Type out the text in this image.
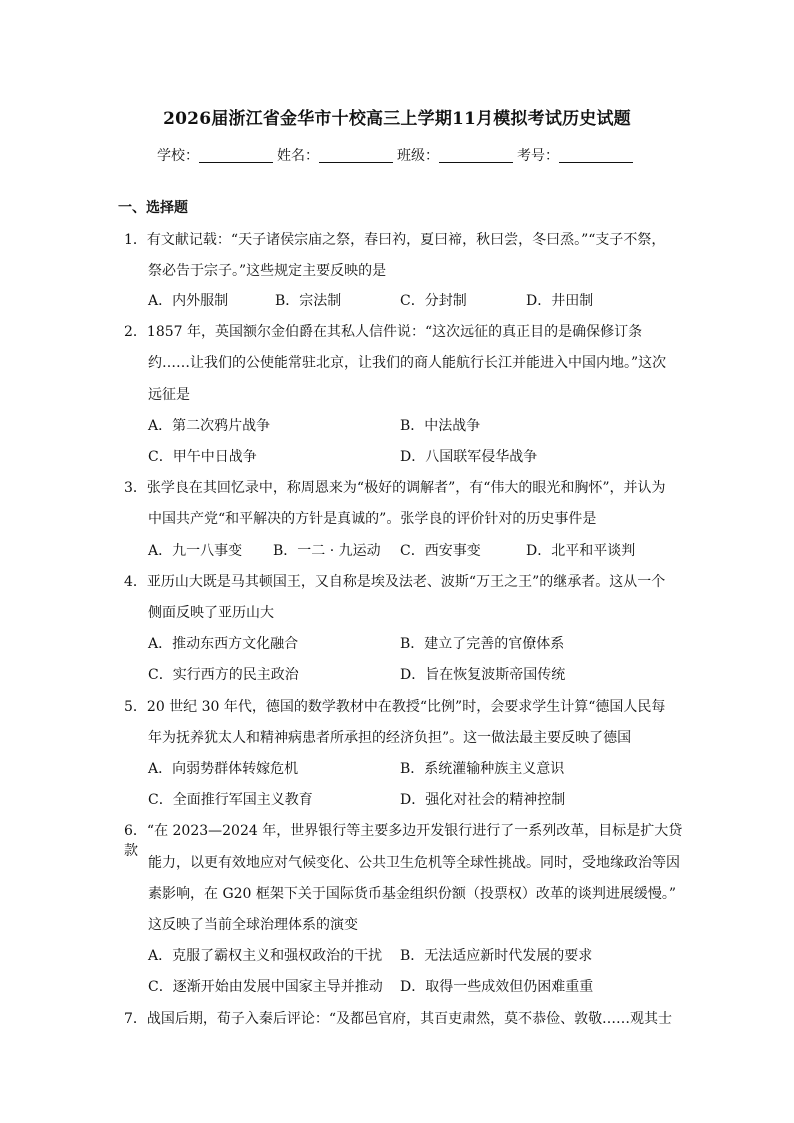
2026届浙江省金华市十校高三上学期11月模拟考试历史试题
学校：	姓名：	班级：	考号：
一、选择题
1．有文献记载：“天子诸侯宗庙之祭，春曰礿，夏曰禘，秋曰尝，冬曰烝。”“支子不祭，
祭必告于宗子。”这些规定主要反映的是
A．内外服制	B．宗法制	C．分封制	D．井田制
2．1857 年，英国额尔金伯爵在其私人信件说：“这次远征的真正目的是确保修订条
约……让我们的公使能常驻北京，让我们的商人能航行长江并能进入中国内地。”这次
远征是
A．第二次鸦片战争	B．中法战争
C．甲午中日战争	D．八国联军侵华战争
3．张学良在其回忆录中，称周恩来为“极好的调解者”，有“伟大的眼光和胸怀”，并认为
中国共产党“和平解决的方针是真诚的”。张学良的评价针对的历史事件是
A．九一八事变 B．一二 · 九运动 C．西安事变	D．北平和平谈判
4．亚历山大既是马其顿国王，又自称是埃及法老、波斯“万王之王”的继承者。这从一个
侧面反映了亚历山大
A．推动东西方文化融合	B．建立了完善的官僚体系
C．实行西方的民主政治	D．旨在恢复波斯帝国传统
5．20 世纪 30 年代，德国的数学教材中在教授“比例”时，会要求学生计算“德国人民每
年为抚养犹太人和精神病患者所承担的经济负担”。这一做法最主要反映了德国
A．向弱势群体转嫁危机	B．系统灌输种族主义意识
C．全面推行军国主义教育	D．强化对社会的精神控制
6．“在 2023—2024 年，世界银行等主要多边开发银行进行了一系列改革，目标是扩大贷款
能力，以更有效地应对气候变化、公共卫生危机等全球性挑战。同时，受地缘政治等因
素影响，在 G20 框架下关于国际货币基金组织份额（投票权）改革的谈判进展缓慢。”
这反映了当前全球治理体系的演变
A．克服了霸权主义和强权政治的干扰 B．无法适应新时代发展的要求
C．逐渐开始由发展中国家主导并推动 D．取得一些成效但仍困难重重
7．战国后期，荀子入秦后评论：“及都邑官府，其百吏肃然，莫不恭俭、敦敬……观其士
